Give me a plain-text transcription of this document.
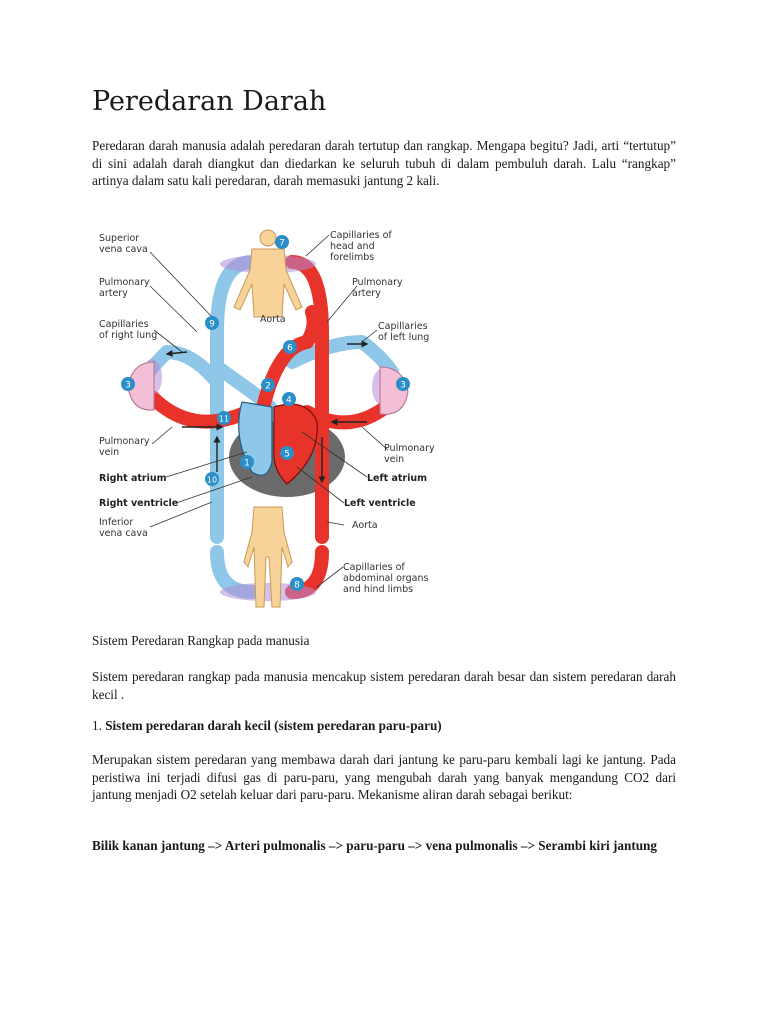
Peredaran Darah

Peredaran darah manusia adalah peredaran darah tertutup dan rangkap. Mengapa begitu? Jadi, arti “tertutup” di sini adalah darah diangkut dan diedarkan ke seluruh tubuh di dalam pembuluh darah. Lalu “rangkap” artinya dalam satu kali peredaran, darah memasuki jantung 2 kali.

Sistem Peredaran Rangkap pada manusia

Sistem peredaran rangkap pada manusia mencakup sistem peredaran darah besar dan sistem peredaran darah kecil .

1. Sistem peredaran darah kecil (sistem peredaran paru-paru)

Merupakan sistem peredaran yang membawa darah dari jantung ke paru-paru kembali lagi ke jantung. Pada peristiwa ini terjadi difusi gas di paru-paru, yang mengubah darah yang banyak mengandung CO2 dari jantung menjadi O2 setelah keluar dari paru-paru. Mekanisme aliran darah sebagai berikut:

Bilik kanan jantung –> Arteri pulmonalis –> paru-paru –> vena pulmonalis –> Serambi kiri jantung

1
2
3	3
4
5
6
7
8
9
10
11
Superior vena cava
Pulmonary artery
Capillaries of right lung
Pulmonary vein
Right atrium
Right ventricle
Inferior vena cava
Capillaries of head and forelimbs
Pulmonary artery
Capillaries of left lung
Aorta
Pulmonary vein
Left atrium
Left ventricle
Aorta
Capillaries of abdominal organs and hind limbs
